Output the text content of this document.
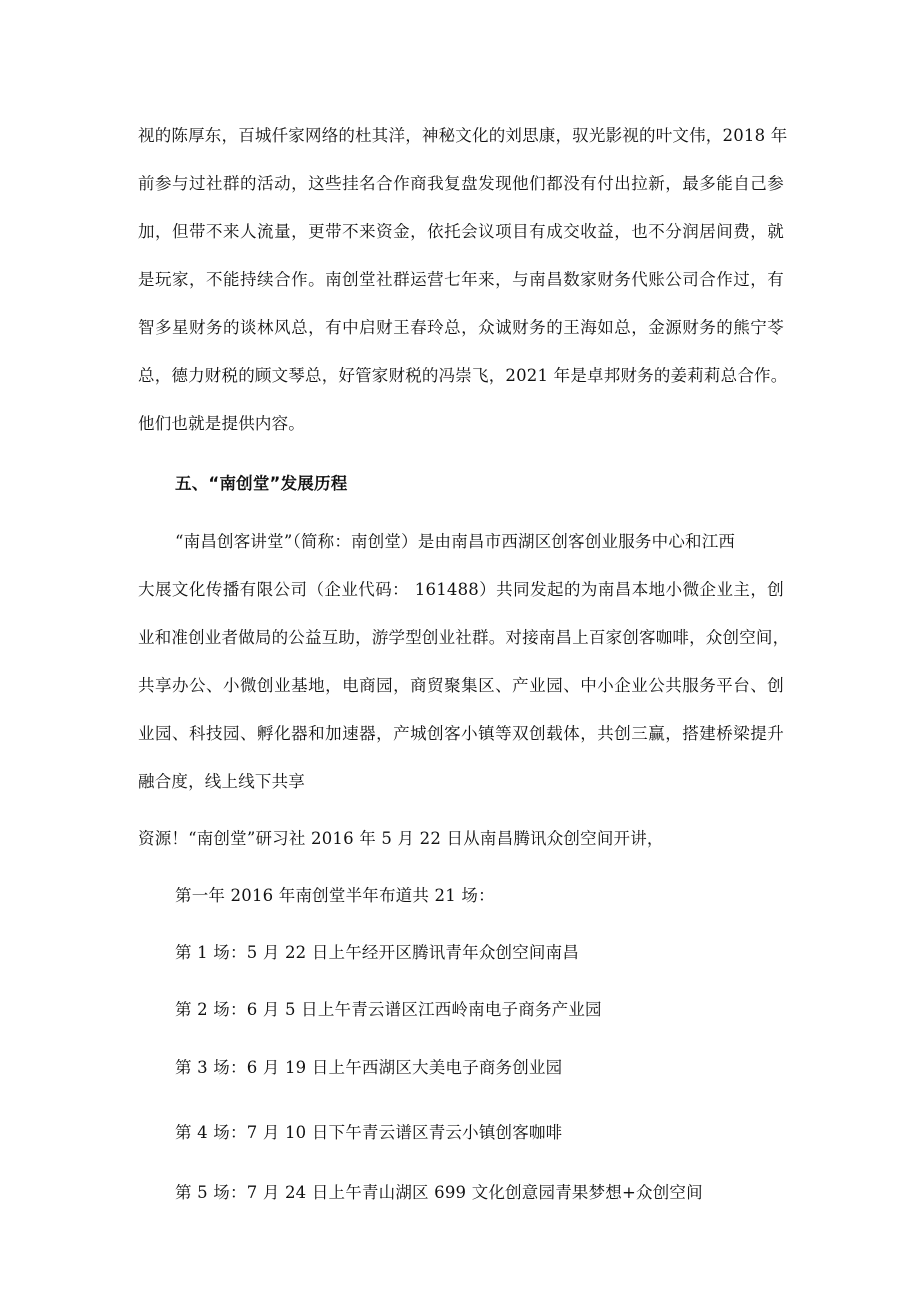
视的陈厚东，百城仟家网络的杜其洋，神秘文化的刘思康，驭光影视的叶文伟，2018 年
前参与过社群的活动，这些挂名合作商我复盘发现他们都没有付出拉新，最多能自己参
加，但带不来人流量，更带不来资金，依托会议项目有成交收益，也不分润居间费，就
是玩家，不能持续合作。南创堂社群运营七年来，与南昌数家财务代账公司合作过，有
智多星财务的谈林风总，有中启财王春玲总，众诚财务的王海如总，金源财务的熊宁苓
总，德力财税的顾文琴总，好管家财税的冯崇飞，2021 年是卓邦财务的姜莉莉总合作。
他们也就是提供内容。
五、“南创堂”发展历程
“南昌创客讲堂”（简称：南创堂）是由南昌市西湖区创客创业服务中心和江西
大展文化传播有限公司（企业代码： 161488）共同发起的为南昌本地小微企业主，创
业和准创业者做局的公益互助，游学型创业社群。对接南昌上百家创客咖啡，众创空间，
共享办公、小微创业基地，电商园，商贸聚集区、产业园、中小企业公共服务平台、创
业园、科技园、孵化器和加速器，产城创客小镇等双创载体，共创三赢，搭建桥梁提升
融合度，线上线下共享
资源！“南创堂”研习社 2016 年 5 月 22 日从南昌腾讯众创空间开讲，
第一年 2016 年南创堂半年布道共 21 场：
第 1 场：5 月 22 日上午经开区腾讯青年众创空间南昌
第 2 场：6 月 5 日上午青云谱区江西岭南电子商务产业园
第 3 场：6 月 19 日上午西湖区大美电子商务创业园
第 4 场：7 月 10 日下午青云谱区青云小镇创客咖啡
第 5 场：7 月 24 日上午青山湖区 699 文化创意园青果梦想+众创空间
